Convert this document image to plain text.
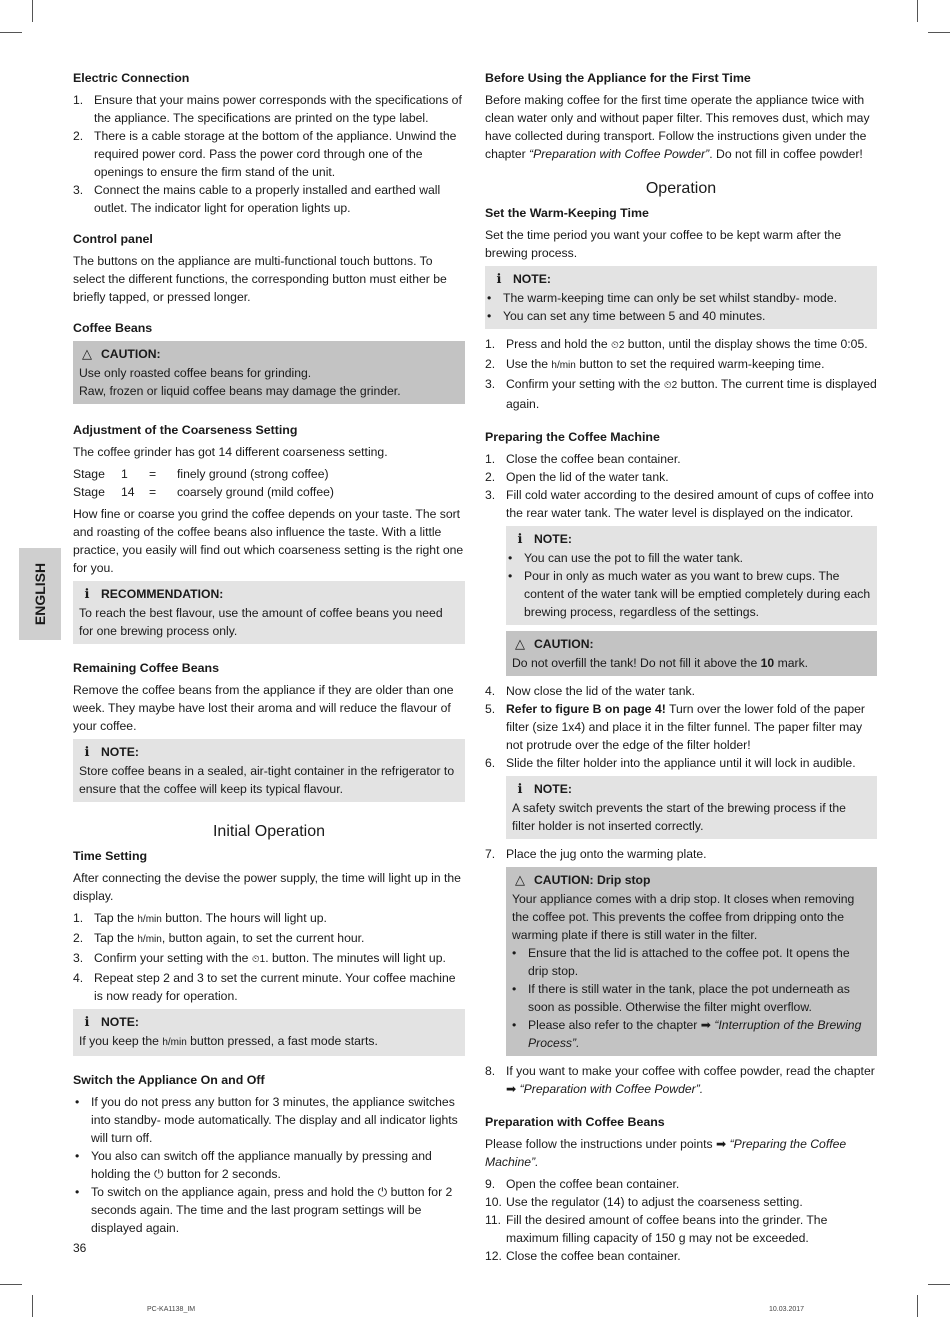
ENGLISH
Electric Connection
1. Ensure that your mains power corresponds with the specifications of the appliance. The specifications are printed on the type label.
2. There is a cable storage at the bottom of the appliance. Unwind the required power cord. Pass the power cord through one of the openings to ensure the firm stand of the unit.
3. Connect the mains cable to a properly installed and earthed wall outlet. The indicator light for operation lights up.
Control panel

The buttons on the appliance are multi-functional touch buttons. To select the different functions, the corresponding button must either be briefly tapped, or pressed longer.

Coffee Beans
△ CAUTION:

Use only roasted coffee beans for grinding.

Raw, frozen or liquid coffee beans may damage the grinder.

Adjustment of the Coarseness Setting

The coffee grinder has got 14 different coarseness setting.

Stage	1	=	finely ground (strong coffee)
Stage	14	=	coarsely ground (mild coffee)

How fine or coarse you grind the coffee depends on your taste. The sort and roasting of the coffee beans also influence the taste. With a little practice, you easily will find out which coarseness setting is the right one for you.

ℹ RECOMMENDATION:

To reach the best flavour, use the amount of coffee beans you need for one brewing process only.

Remaining Coffee Beans

Remove the coffee beans from the appliance if they are older than one week. They maybe have lost their aroma and will reduce the flavour of your coffee.

ℹ NOTE:

Store coffee beans in a sealed, air-tight container in the refrigerator to ensure that the coffee will keep its typical flavour.

Initial Operation
Time Setting

After connecting the devise the power supply, the time will light up in the display.

1. Tap the h/min button. The hours will light up.
2. Tap the h/min, button again, to set the current hour.
3. Confirm your setting with the ⏲1. button. The minutes will light up.
4. Repeat step 2 and 3 to set the current minute. Your coffee machine is now ready for operation.
ℹ NOTE:

If you keep the h/min button pressed, a fast mode starts.

Switch the Appliance On and Off
• If you do not press any button for 3 minutes, the appliance switches into standby- mode automatically. The display and all indicator lights will turn off.
• You also can switch off the appliance manually by pressing and holding the ⏻ button for 2 seconds.
• To switch on the appliance again, press and hold the ⏻ button for 2 seconds again. The time and the last program settings will be displayed again.
Before Using the Appliance for the First Time

Before making coffee for the first time operate the appliance twice with clean water only and without paper filter. This removes dust, which may have collected during transport. Follow the instructions given under the chapter “Preparation with Coffee Powder”. Do not fill in coffee powder!

Operation
Set the Warm-Keeping Time

Set the time period you want your coffee to be kept warm after the brewing process.

ℹ NOTE:
• The warm-keeping time can only be set whilst standby- mode.
• You can set any time between 5 and 40 minutes.
1. Press and hold the ⏲2 button, until the display shows the time 0:05.
2. Use the h/min button to set the required warm-keeping time.
3. Confirm your setting with the ⏲2 button. The current time is displayed again.
Preparing the Coffee Machine
1. Close the coffee bean container.
2. Open the lid of the water tank.
3. Fill cold water according to the desired amount of cups of coffee into the rear water tank. The water level is displayed on the indicator.
ℹ NOTE:
• You can use the pot to fill the water tank.
• Pour in only as much water as you want to brew cups. The content of the water tank will be emptied completely during each brewing process, regardless of the settings.
△ CAUTION:

Do not overfill the tank! Do not fill it above the 10 mark.

4. Now close the lid of the water tank.
5. Refer to figure B on page 4! Turn over the lower fold of the paper filter (size 1x4) and place it in the filter funnel. The paper filter may not protrude over the edge of the filter holder!
6. Slide the filter holder into the appliance until it will lock in audible.
ℹ NOTE:

A safety switch prevents the start of the brewing process if the filter holder is not inserted correctly.

7. Place the jug onto the warming plate.
△ CAUTION: Drip stop

Your appliance comes with a drip stop. It closes when removing the coffee pot. This prevents the coffee from dripping onto the warming plate if there is still water in the filter.

• Ensure that the lid is attached to the coffee pot. It opens the drip stop.
• If there is still water in the tank, place the pot underneath as soon as possible. Otherwise the filter might overflow.
• Please also refer to the chapter ➡ “Interruption of the Brewing Process”.
8. If you want to make your coffee with coffee powder, read the chapter ➡ “Preparation with Coffee Powder”.
Preparation with Coffee Beans

Please follow the instructions under points ➡ “Preparing the Coffee Machine”.

9. Open the coffee bean container.
10. Use the regulator (14) to adjust the coarseness setting.
11. Fill the desired amount of coffee beans into the grinder. The maximum filling capacity of 150 g may not be exceeded.
12. Close the coffee bean container.
36
PC-KA1138_IM	10.03.2017
